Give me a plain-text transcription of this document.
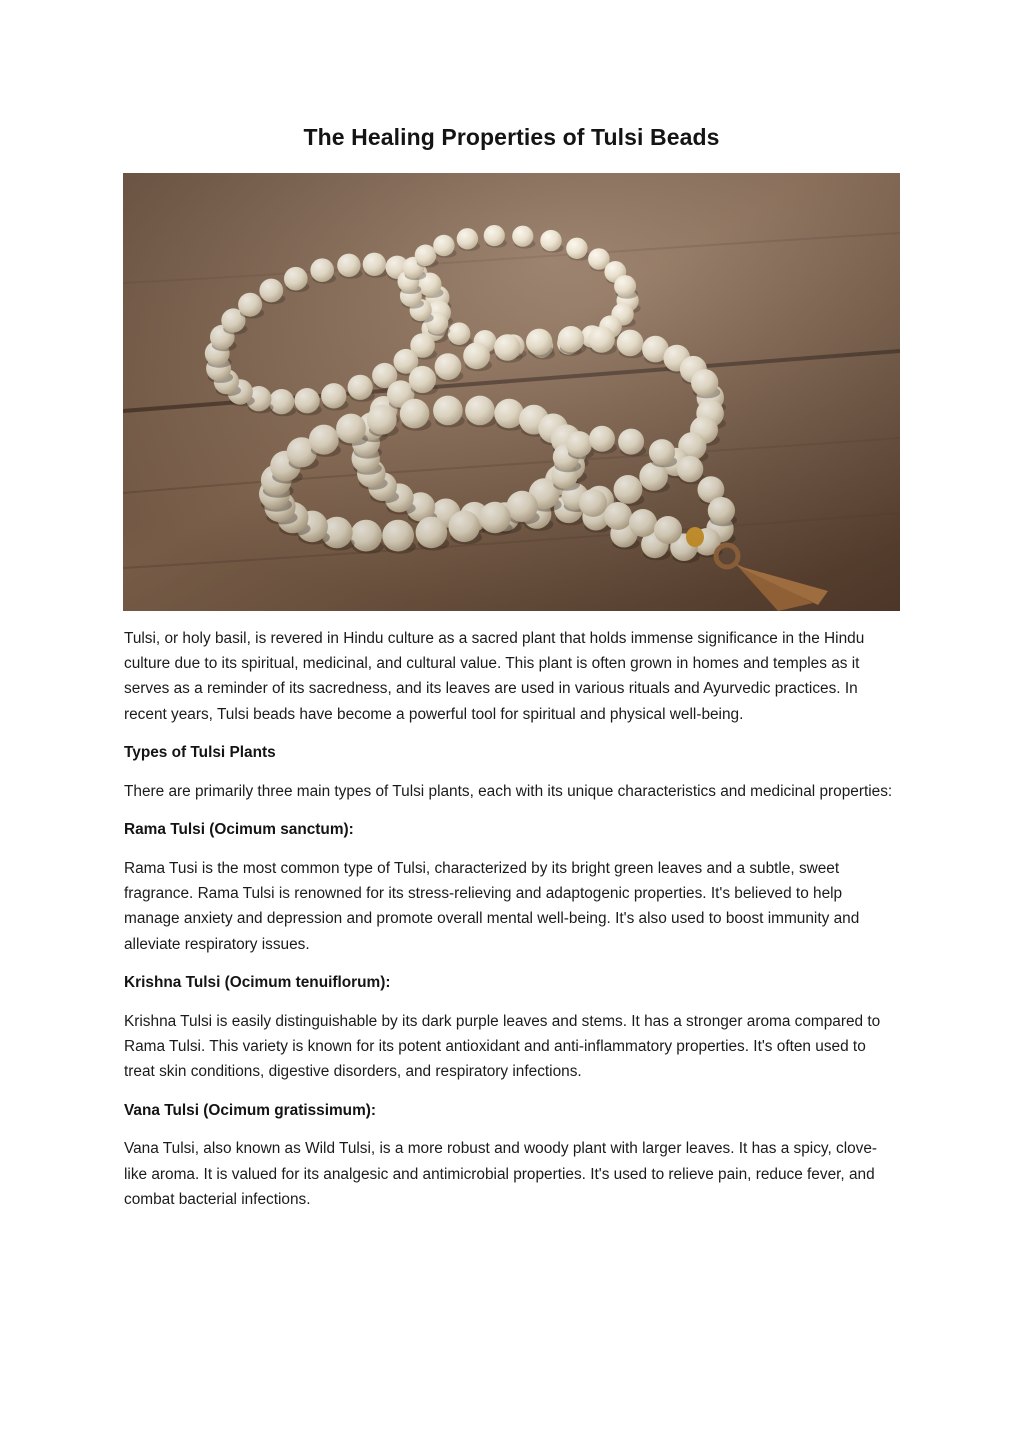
The Healing Properties of Tulsi Beads

Tulsi, or holy basil, is revered in Hindu culture as a sacred plant that holds immense significance in the Hindu culture due to its spiritual, medicinal, and cultural value. This plant is often grown in homes and temples as it serves as a reminder of its sacredness, and its leaves are used in various rituals and Ayurvedic practices. In recent years, Tulsi beads have become a powerful tool for spiritual and physical well-being.

Types of Tulsi Plants

There are primarily three main types of Tulsi plants, each with its unique characteristics and medicinal properties:

Rama Tulsi (Ocimum sanctum):

Rama Tusi is the most common type of Tulsi, characterized by its bright green leaves and a subtle, sweet fragrance. Rama Tulsi is renowned for its stress-relieving and adaptogenic properties. It's believed to help manage anxiety and depression and promote overall mental well-being. It's also used to boost immunity and alleviate respiratory issues.

Krishna Tulsi (Ocimum tenuiflorum):

Krishna Tulsi is easily distinguishable by its dark purple leaves and stems. It has a stronger aroma compared to Rama Tulsi. This variety is known for its potent antioxidant and anti-inflammatory properties. It's often used to treat skin conditions, digestive disorders, and respiratory infections.

Vana Tulsi (Ocimum gratissimum):

Vana Tulsi, also known as Wild Tulsi, is a more robust and woody plant with larger leaves. It has a spicy, clove-like aroma. It is valued for its analgesic and antimicrobial properties. It's used to relieve pain, reduce fever, and combat bacterial infections.
